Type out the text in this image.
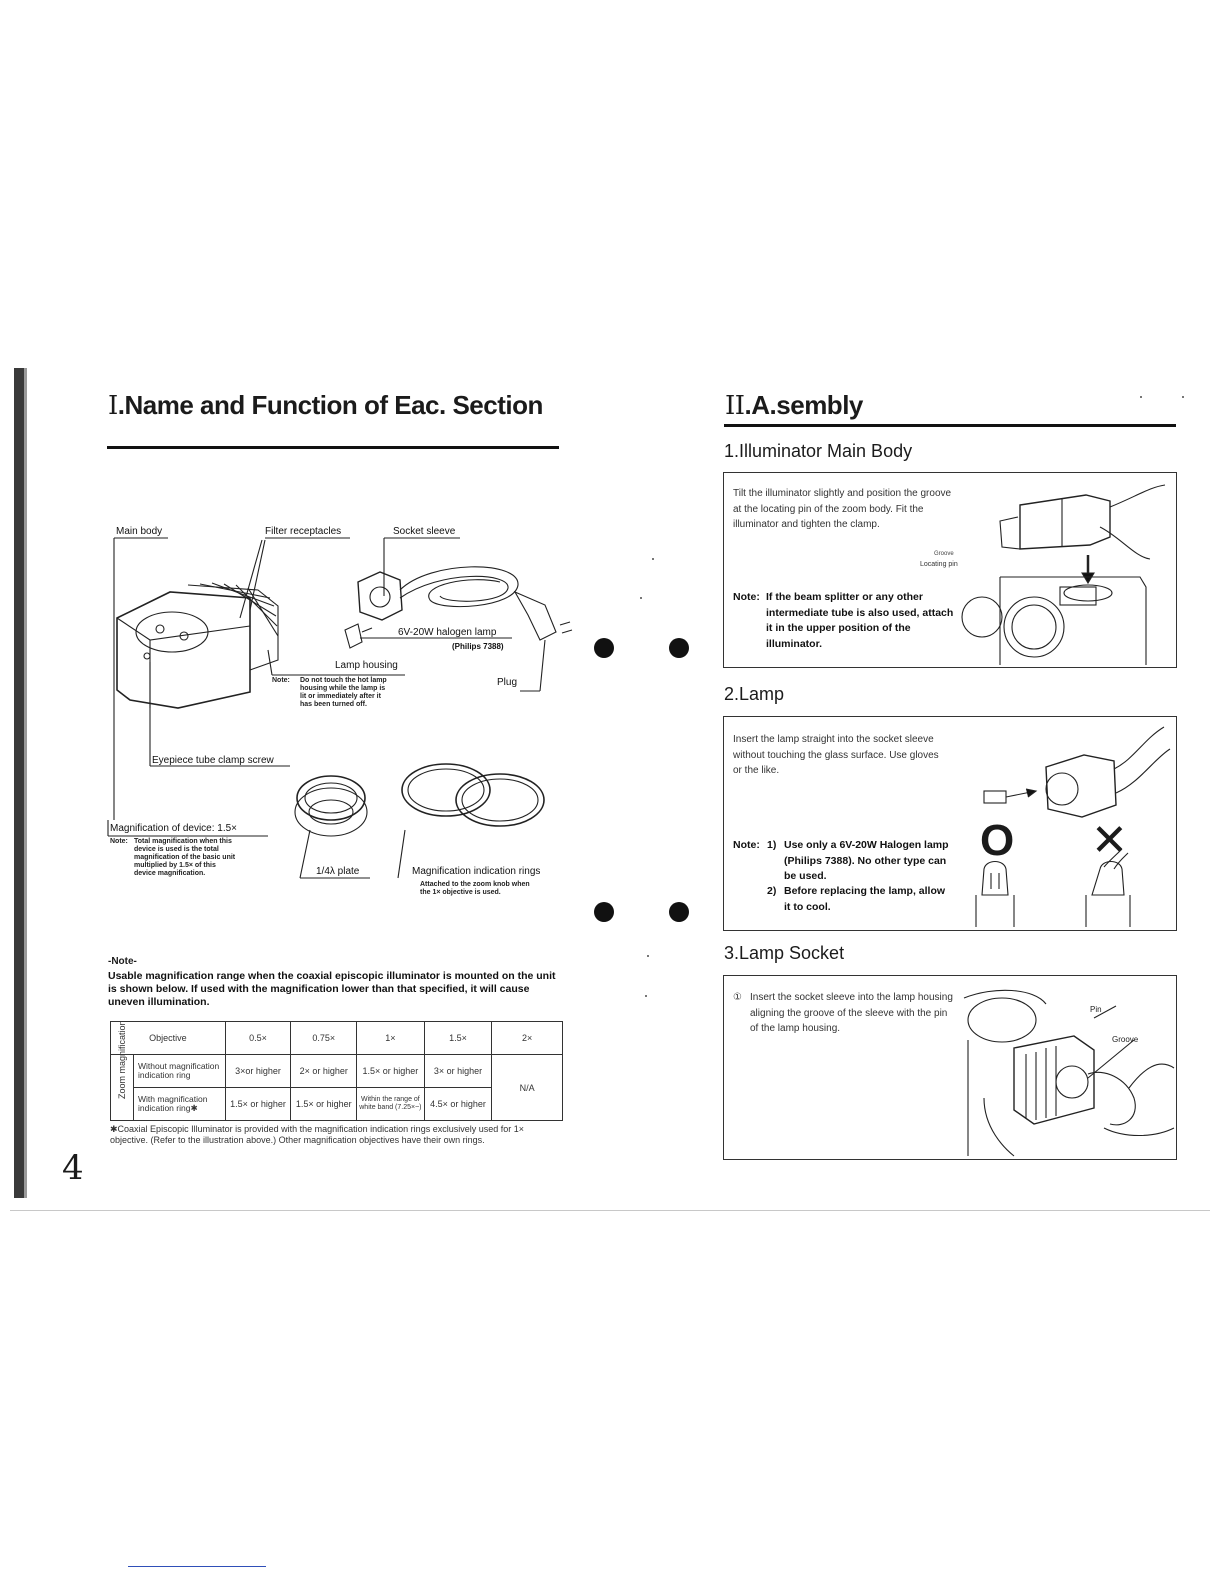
I.Name and Function of Eac. Section
Main body	Filter receptacles	Socket sleeve
6V-20W halogen lamp
(Philips 7388)
Lamp housing
Plug
Note: Do not touch the hot lamp
housing while the lamp is
lit or immediately after it
has been turned off.
Eyepiece tube clamp screw
Magnification of device: 1.5×
Note: Total magnification when this
device is used is the total
magnification of the basic unit
multiplied by 1.5× of this
device magnification.	1/4λ plate	Magnification indication rings
Attached to the zoom knob when
the 1× objective is used.
-Note-
Usable magnification range when the coaxial episcopic illuminator is mounted on the unit is shown below. If used with the magnification lower than that specified, it will cause uneven illumination.
Objective		0.5×	0.75×	1×	1.5×	2×

Zoom magnification	Without magnification indication ring	3×or higher	2× or higher	1.5× or higher	3× or higher	N/A
	With magnification indication ring✱	1.5× or higher	1.5× or higher	Within the range of white band (7.25×~)	4.5× or higher	
✱Coaxial Episcopic Illuminator is provided with the magnification indication rings exclusively used for 1× objective. (Refer to the illustration above.) Other magnification objectives have their own rings.
4
II.A.sembly
1.Illuminator Main Body
Tilt the illuminator slightly and position the groove at the locating pin of the zoom body. Fit the illuminator and tighten the clamp.
Groove
Locating pin
Note: If the beam splitter or any other intermediate tube is also used, attach it in the upper position of the illuminator.
2.Lamp
Insert the lamp straight into the socket sleeve without touching the glass surface. Use gloves or the like.
Note: 1) Use only a 6V-20W Halogen lamp (Philips 7388). No other type can be used.
2) Before replacing the lamp, allow it to cool.
O ✕
3.Lamp Socket
① Insert the socket sleeve into the lamp housing aligning the groove of the sleeve with the pin of the lamp housing.
Pin
Groove
